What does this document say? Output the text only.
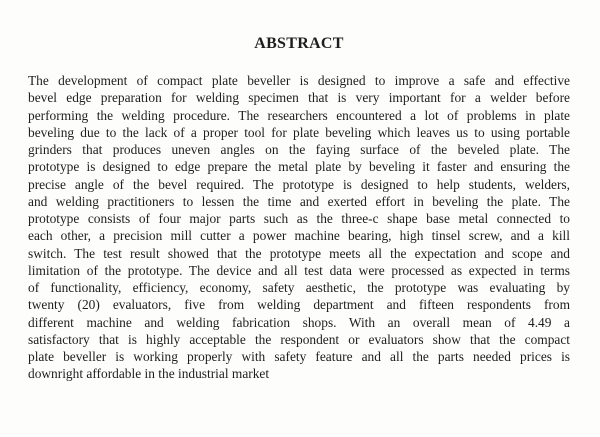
ABSTRACT
The development of compact plate beveller is designed to improve a safe and effective
bevel edge preparation for welding specimen that is very important for a welder before
performing the welding procedure. The researchers encountered a lot of problems in plate
beveling due to the lack of a proper tool for plate beveling which leaves us to using portable
grinders that produces uneven angles on the faying surface of the beveled plate. The
prototype is designed to edge prepare the metal plate by beveling it faster and ensuring the
precise angle of the bevel required. The prototype is designed to help students, welders,
and welding practitioners to lessen the time and exerted effort in beveling the plate. The
prototype consists of four major parts such as the three-c shape base metal connected to
each other, a precision mill cutter a power machine bearing, high tinsel screw, and a kill
switch. The test result showed that the prototype meets all the expectation and scope and
limitation of the prototype. The device and all test data were processed as expected in terms
of functionality, efficiency, economy, safety aesthetic, the prototype was evaluating by
twenty (20) evaluators, five from welding department and fifteen respondents from
different machine and welding fabrication shops. With an overall mean of 4.49 a
satisfactory that is highly acceptable the respondent or evaluators show that the compact
plate beveller is working properly with safety feature and all the parts needed prices is
downright affordable in the industrial market
